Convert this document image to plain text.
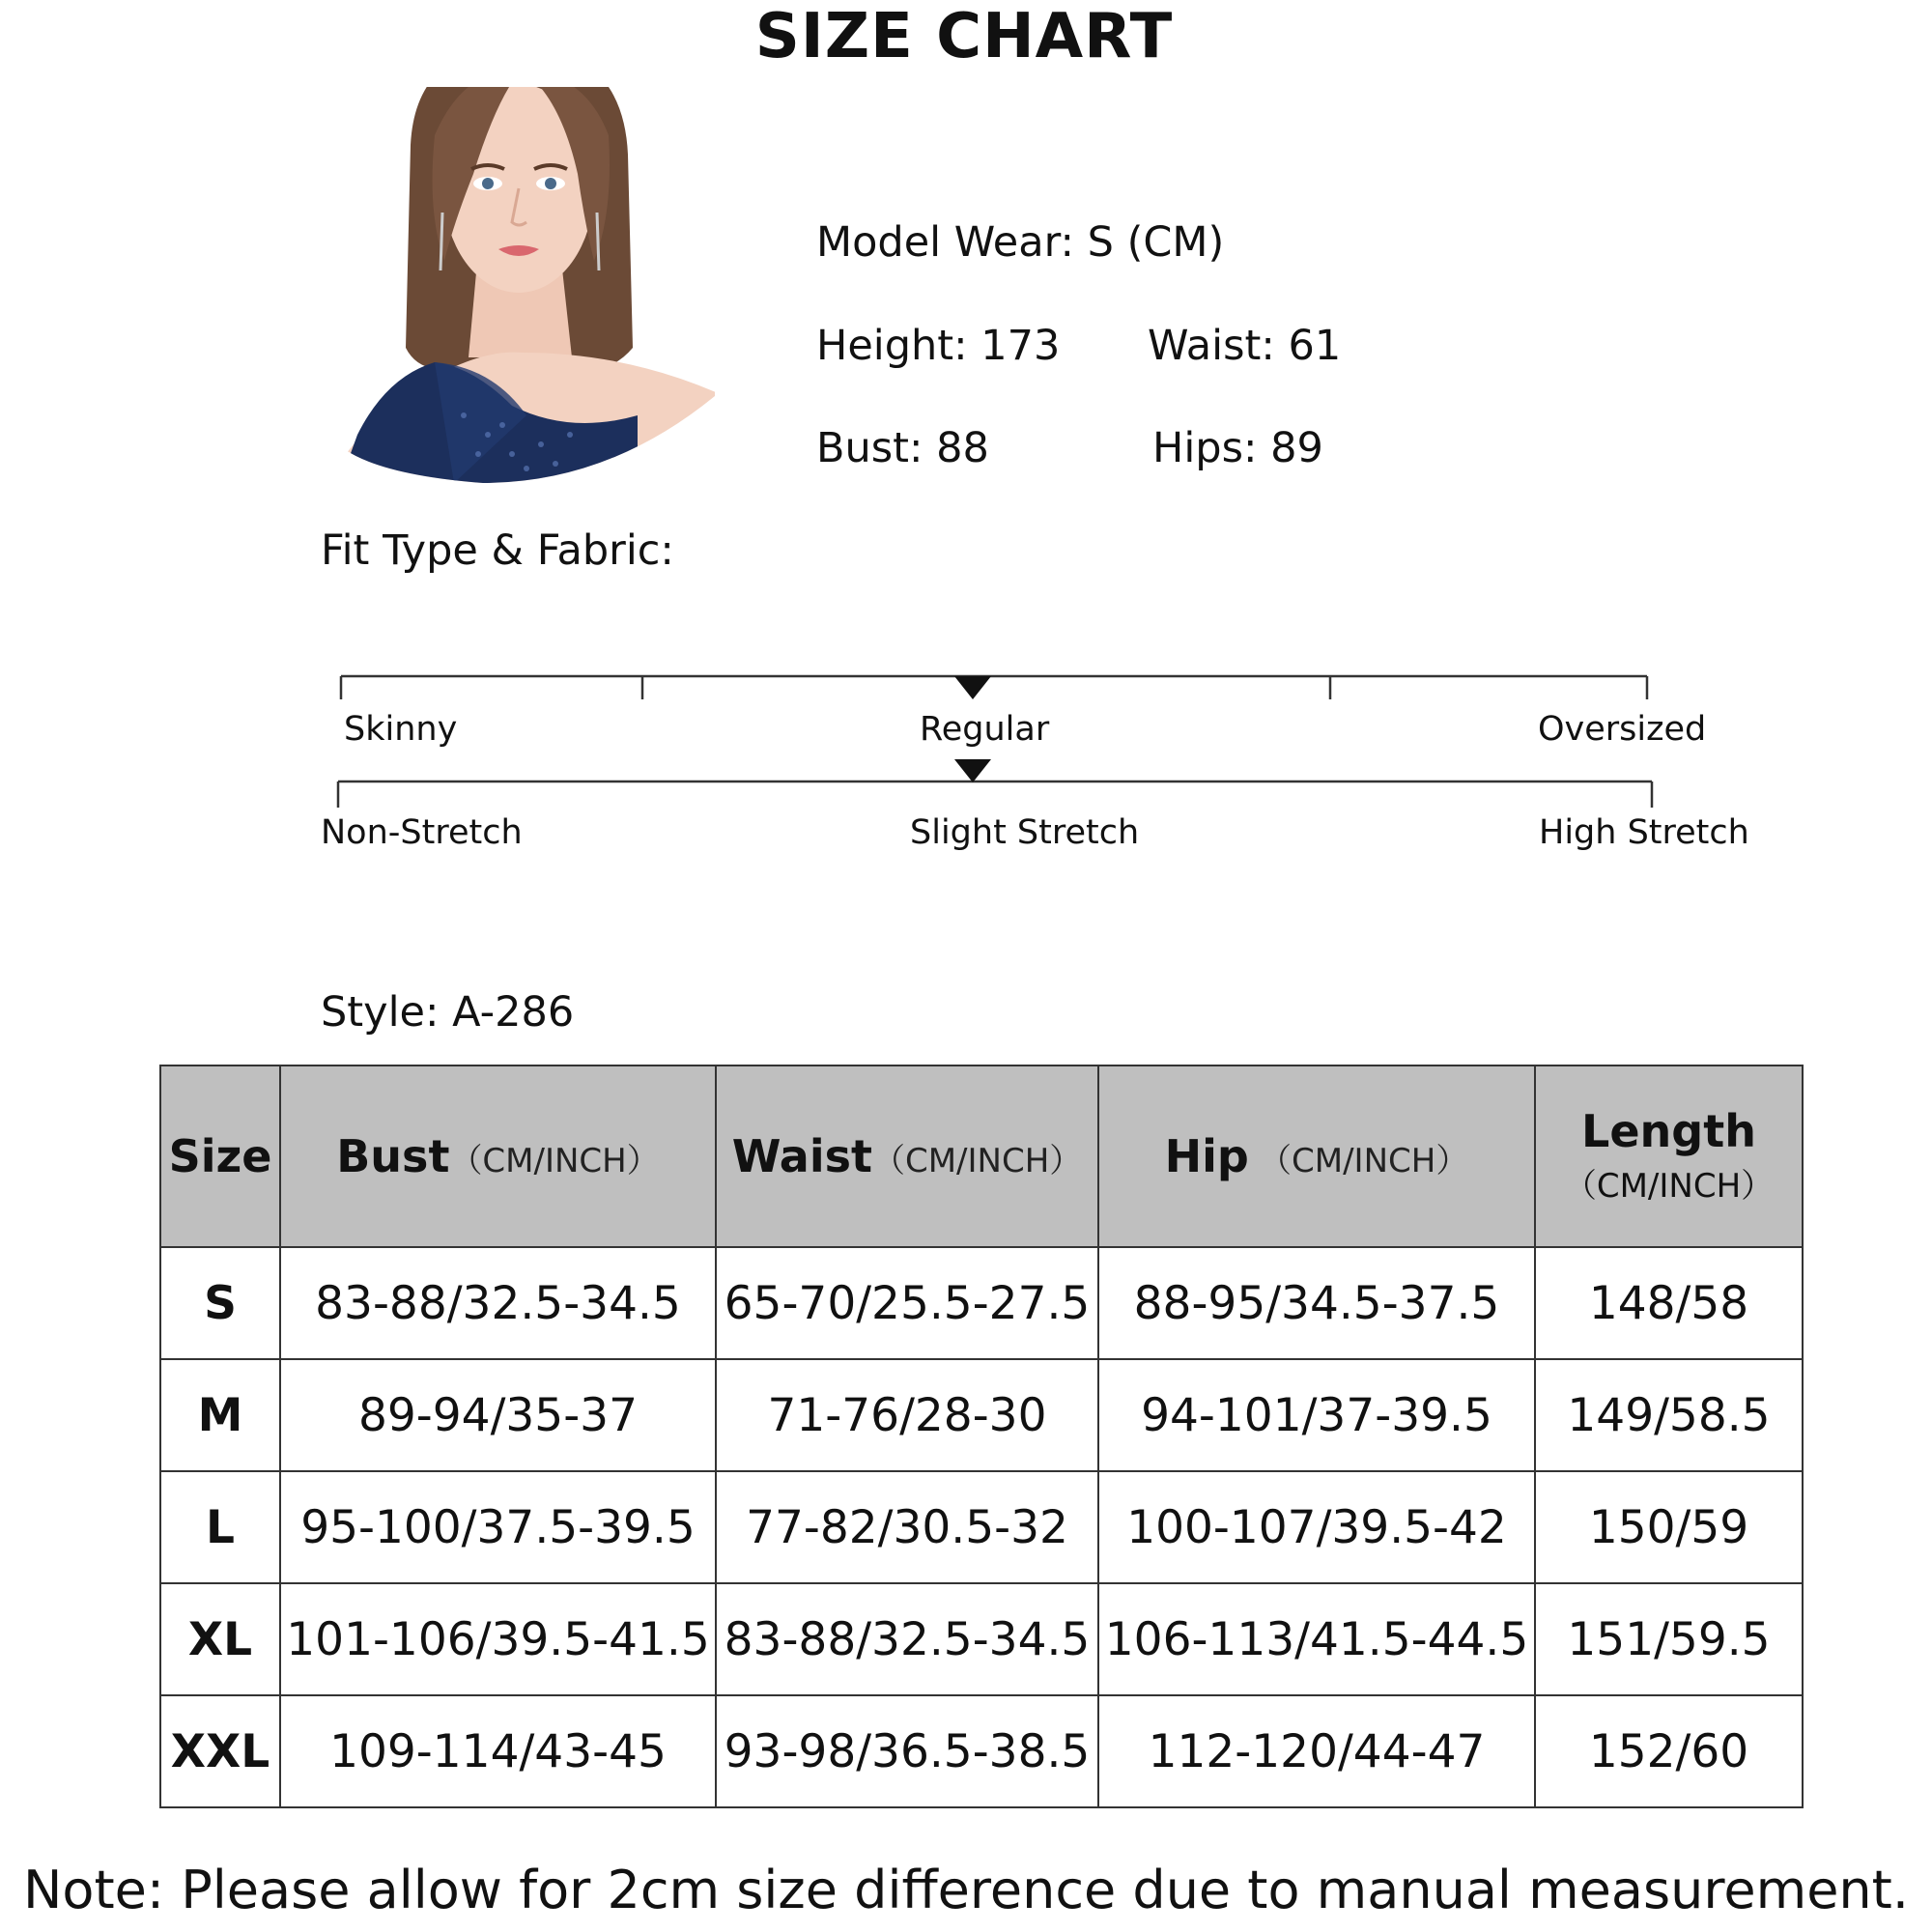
SIZE CHART
Model Wear: S (CM)
Height: 173 Waist: 61
Bust: 88	Hips: 89
Fit Type & Fabric:
Skinny	Regular	Oversized
Non-Stretch	Slight Stretch	High Stretch
Style: A-286
Size	Bust（CM/INCH）	Waist（CM/INCH）	Hip （CM/INCH）	Length
（CM/INCH）

S	83-88/32.5-34.5	65-70/25.5-27.5	88-95/34.5-37.5	148/58
M	89-94/35-37	71-76/28-30	94-101/37-39.5	149/58.5
L	95-100/37.5-39.5	77-82/30.5-32	100-107/39.5-42	150/59
XL	101-106/39.5-41.5	83-88/32.5-34.5	106-113/41.5-44.5	151/59.5
XXL	109-114/43-45	93-98/36.5-38.5	112-120/44-47	152/60
Note: Please allow for 2cm size difference due to manual measurement.
